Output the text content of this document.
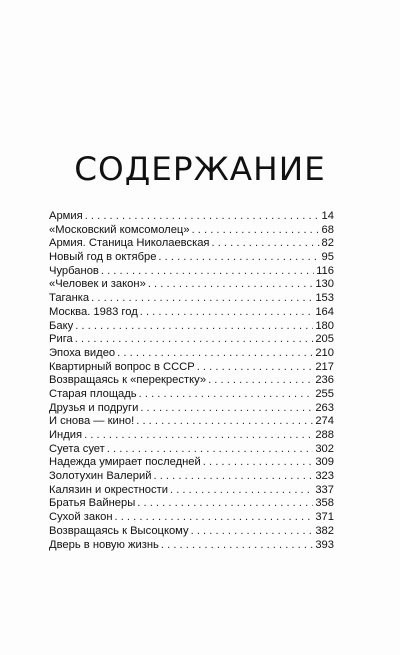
СОДЕРЖАНИЕ
Армия . . .	14
«Московский комсомолец» . . .	68
Армия. Станица Николаевская . . .	82
Новый год в октябре . . .	95
Чурбанов . . .	116
«Человек и закон» . . .	130
Таганка . . .	153
Москва. 1983 год . . .	164
Баку . . .	180
Рига . . .	205
Эпоха видео . . .	210
Квартирный вопрос в СССР . . .	217
Возвращаясь к «перекрестку» . . .	236
Старая площадь . . .	255
Друзья и подруги . . .	263
И снова — кино! . . .	274
Индия . . .	288
Суета сует . . .	302
Надежда умирает последней . . .	309
Золотухин Валерий . . .	323
Калязин и окрестности . . .	337
Братья Вайнеры . . .	358
Сухой закон . . .	371
Возвращаясь к Высоцкому . . .	382
Дверь в новую жизнь . . .	393
